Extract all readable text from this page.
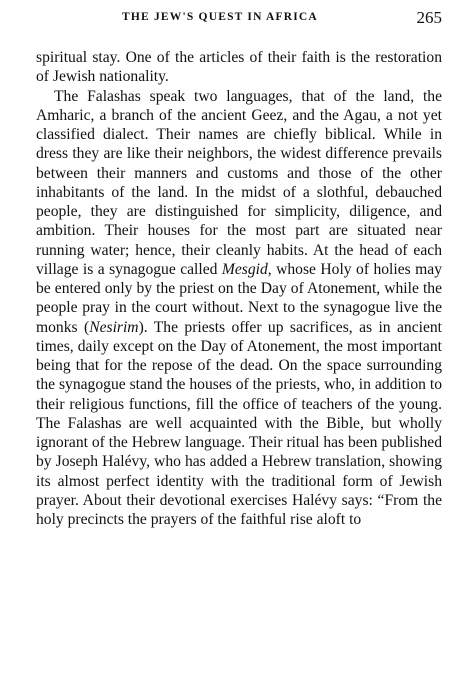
THE JEW'S QUEST IN AFRICA	265

spiritual stay. One of the articles of their faith is the restoration of Jewish nationality.

The Falashas speak two languages, that of the land, the Amharic, a branch of the ancient Geez, and the Agau, a not yet classified dialect. Their names are chiefly biblical. While in dress they are like their neighbors, the widest difference prevails between their manners and customs and those of the other inhabitants of the land. In the midst of a slothful, debauched people, they are distinguished for simplicity, diligence, and ambition. Their houses for the most part are situated near running water; hence, their cleanly habits. At the head of each village is a synagogue called Mesgid, whose Holy of holies may be entered only by the priest on the Day of Atonement, while the people pray in the court without. Next to the synagogue live the monks (Nesirim). The priests offer up sacrifices, as in ancient times, daily except on the Day of Atonement, the most important being that for the repose of the dead. On the space surrounding the synagogue stand the houses of the priests, who, in addition to their religious functions, fill the office of teachers of the young. The Falashas are well acquainted with the Bible, but wholly ignorant of the Hebrew language. Their ritual has been published by Joseph Halévy, who has added a Hebrew translation, showing its almost perfect identity with the traditional form of Jewish prayer. About their devotional exercises Halévy says: “From the holy precincts the prayers of the faithful rise aloft to
